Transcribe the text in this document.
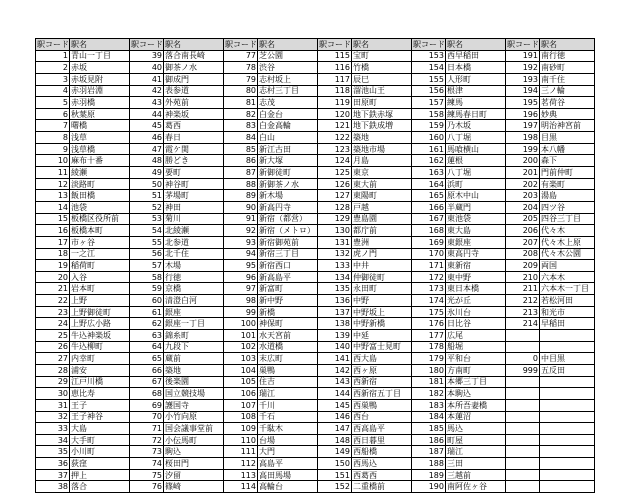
駅コード	駅名	駅コード	駅名	駅コード	駅名	駅コード	駅名	駅コード	駅名	駅コード	駅名
1	青山一丁目	39	落合南長崎	77	芝公園	115	宝町	153	西早稲田	191	南行徳
2	赤坂	40	御茶ノ水	78	渋谷	116	竹橋	154	日本橋	192	南砂町
3	赤坂見附	41	御成門	79	志村坂上	117	辰巳	155	人形町	193	南千住
4	赤羽岩淵	42	表参道	80	志村三丁目	118	溜池山王	156	根津	194	三ノ輪
5	赤羽橋	43	外苑前	81	志茂	119	田原町	157	練馬	195	茗荷谷
6	秋葉原	44	神楽坂	82	白金台	120	地下鉄赤塚	158	練馬春日町	196	妙典
7	曙橋	45	葛西	83	白金高輪	121	地下鉄成増	159	乃木坂	197	明治神宮前
8	浅草	46	春日	84	白山	122	築地	160	八丁堀	198	目黒
9	浅草橋	47	霞ケ関	85	新江古田	123	築地市場	161	馬喰横山	199	本八幡
10	麻布十番	48	勝どき	86	新大塚	124	月島	162	蓮根	200	森下
11	綾瀬	49	要町	87	新御徒町	125	東京	163	八丁堀	201	門前仲町
12	淡路町	50	神谷町	88	新御茶ノ水	126	東大前	164	浜町	202	有楽町
13	飯田橋	51	茅場町	89	新木場	127	東陽町	165	原木中山	203	湯島
14	池袋	52	神田	90	新高円寺	128	戸越	166	半蔵門	204	四ツ谷
15	板橋区役所前	53	菊川	91	新宿（都営）	129	豊島園	167	東池袋	205	四谷三丁目
16	板橋本町	54	北綾瀬	92	新宿（メトロ）	130	都庁前	168	東大島	206	代々木
17	市ヶ谷	55	北参道	93	新宿御苑前	131	豊洲	169	東銀座	207	代々木上原
18	一之江	56	北千住	94	新宿三丁目	132	虎ノ門	170	東高円寺	208	代々木公園
19	稲荷町	57	木場	95	新宿西口	133	中井	171	東新宿	209	両国
20	入谷	58	行徳	96	新高島平	134	仲御徒町	172	東中野	210	六本木
21	岩本町	59	京橋	97	新富町	135	永田町	173	東日本橋	211	六本木一丁目
22	上野	60	清澄白河	98	新中野	136	中野	174	光が丘	212	若松河田
23	上野御徒町	61	銀座	99	新橋	137	中野坂上	175	氷川台	213	和光市
24	上野広小路	62	銀座一丁目	100	神保町	138	中野新橋	176	日比谷	214	早稲田
25	牛込神楽坂	63	錦糸町	101	水天宮前	139	中延	177	広尾		
26	牛込柳町	64	九段下	102	水道橋	140	中野富士見町	178	船堀		
27	内幸町	65	蔵前	103	末広町	141	西大島	179	平和台	0	中目黒
28	浦安	66	築地	104	巣鴨	142	西ヶ原	180	方南町	999	五反田
29	江戸川橋	67	後楽園	105	住吉	143	西新宿	181	本郷三丁目		
30	恵比寿	68	国立競技場	106	瑞江	144	西新宿五丁目	182	本駒込		
31	王子	69	護国寺	107	千川	145	西巣鴨	183	本所吾妻橋		
32	王子神谷	70	小竹向原	108	千石	146	西台	184	本蓮沼		
33	大島	71	国会議事堂前	109	千駄木	147	西高島平	185	馬込		
34	大手町	72	小伝馬町	110	台場	148	西日暮里	186	町屋		
35	小川町	73	駒込	111	大門	149	西船橋	187	瑞江		
36	荻窪	74	桜田門	112	高島平	150	西馬込	188	三田		
37	押上	75	汐留	113	高田馬場	151	西葛西	189	三越前		
38	落合	76	篠崎	114	高輪台	152	二重橋前	190	南阿佐ヶ谷		
